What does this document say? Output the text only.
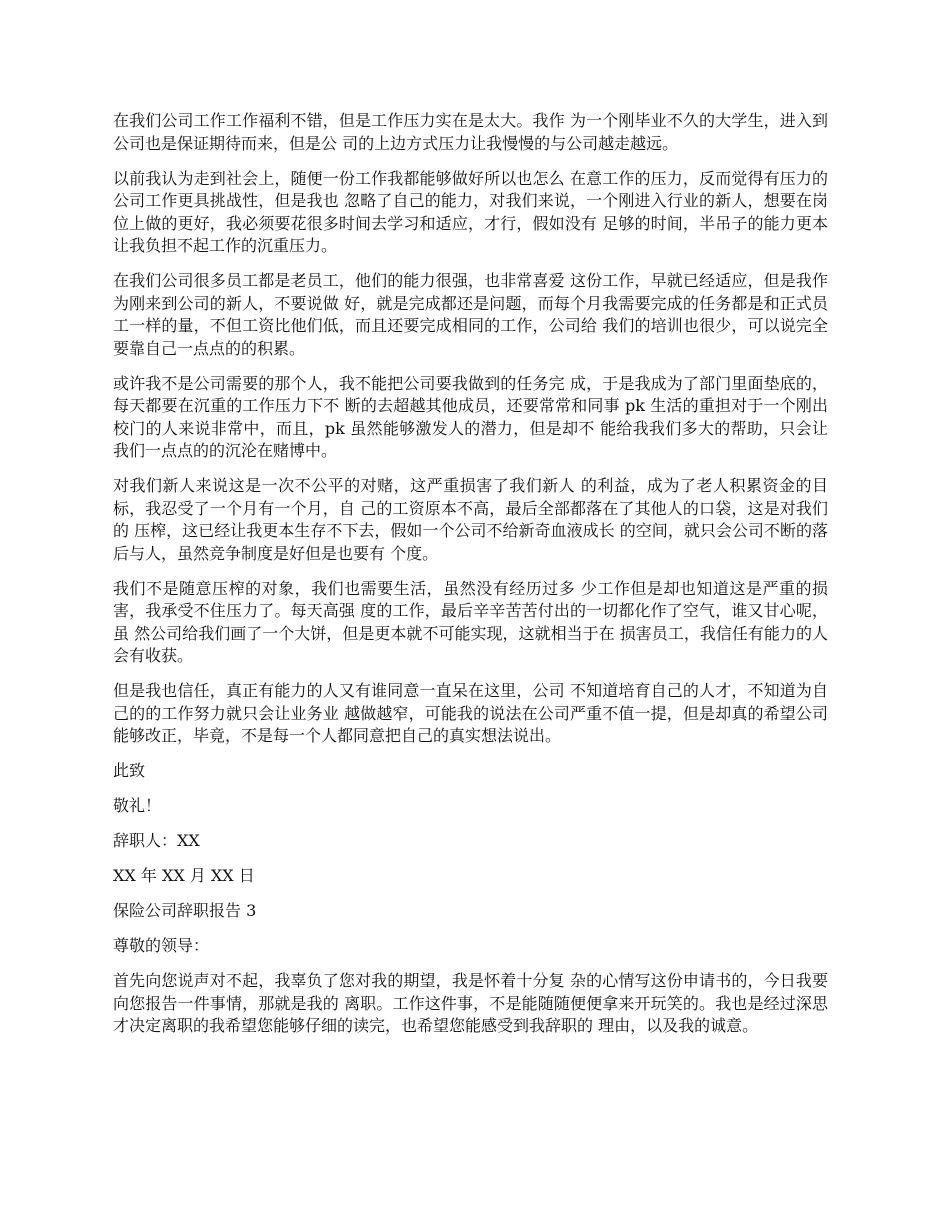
在我们公司工作工作福利不错，但是工作压力实在是太大。我作 为一个刚毕业不久的大学生，进入到公司也是保证期待而来，但是公 司的上边方式压力让我慢慢的与公司越走越远。

以前我认为走到社会上，随便一份工作我都能够做好所以也怎么 在意工作的压力，反而觉得有压力的公司工作更具挑战性，但是我也 忽略了自己的能力，对我们来说，一个刚进入行业的新人，想要在岗 位上做的更好，我必须要花很多时间去学习和适应，才行，假如没有 足够的时间，半吊子的能力更本让我负担不起工作的沉重压力。

在我们公司很多员工都是老员工，他们的能力很强，也非常喜爱 这份工作，早就已经适应，但是我作为刚来到公司的新人，不要说做 好，就是完成都还是问题，而每个月我需要完成的任务都是和正式员 工一样的量，不但工资比他们低，而且还要完成相同的工作，公司给 我们的培训也很少，可以说完全要靠自己一点点的的积累。

或许我不是公司需要的那个人，我不能把公司要我做到的任务完 成，于是我成为了部门里面垫底的，每天都要在沉重的工作压力下不 断的去超越其他成员，还要常常和同事 pk 生活的重担对于一个刚出 校门的人来说非常中，而且，pk 虽然能够激发人的潜力，但是却不 能给我我们多大的帮助，只会让我们一点点的的沉沦在赌博中。

对我们新人来说这是一次不公平的对赌，这严重损害了我们新人 的利益，成为了老人积累资金的目标，我忍受了一个月有一个月，自 己的工资原本不高，最后全部都落在了其他人的口袋，这是对我们的 压榨，这已经让我更本生存不下去，假如一个公司不给新奇血液成长 的空间，就只会公司不断的落后与人，虽然竞争制度是好但是也要有 个度。

我们不是随意压榨的对象，我们也需要生活，虽然没有经历过多 少工作但是却也知道这是严重的损害，我承受不住压力了。每天高强 度的工作，最后辛辛苦苦付出的一切都化作了空气，谁又甘心呢，虽 然公司给我们画了一个大饼，但是更本就不可能实现，这就相当于在 损害员工，我信任有能力的人会有收获。

但是我也信任，真正有能力的人又有谁同意一直呆在这里，公司 不知道培育自己的人才，不知道为自己的的工作努力就只会让业务业 越做越窄，可能我的说法在公司严重不值一提，但是却真的希望公司 能够改正，毕竟，不是每一个人都同意把自己的真实想法说出。

此致

敬礼！

辞职人：XX

XX 年 XX 月 XX 日

保险公司辞职报告 3

尊敬的领导：

首先向您说声对不起，我辜负了您对我的期望，我是怀着十分复 杂的心情写这份申请书的，今日我要向您报告一件事情，那就是我的 离职。工作这件事，不是能随随便便拿来开玩笑的。我也是经过深思 才决定离职的我希望您能够仔细的读完，也希望您能感受到我辞职的 理由，以及我的诚意。
